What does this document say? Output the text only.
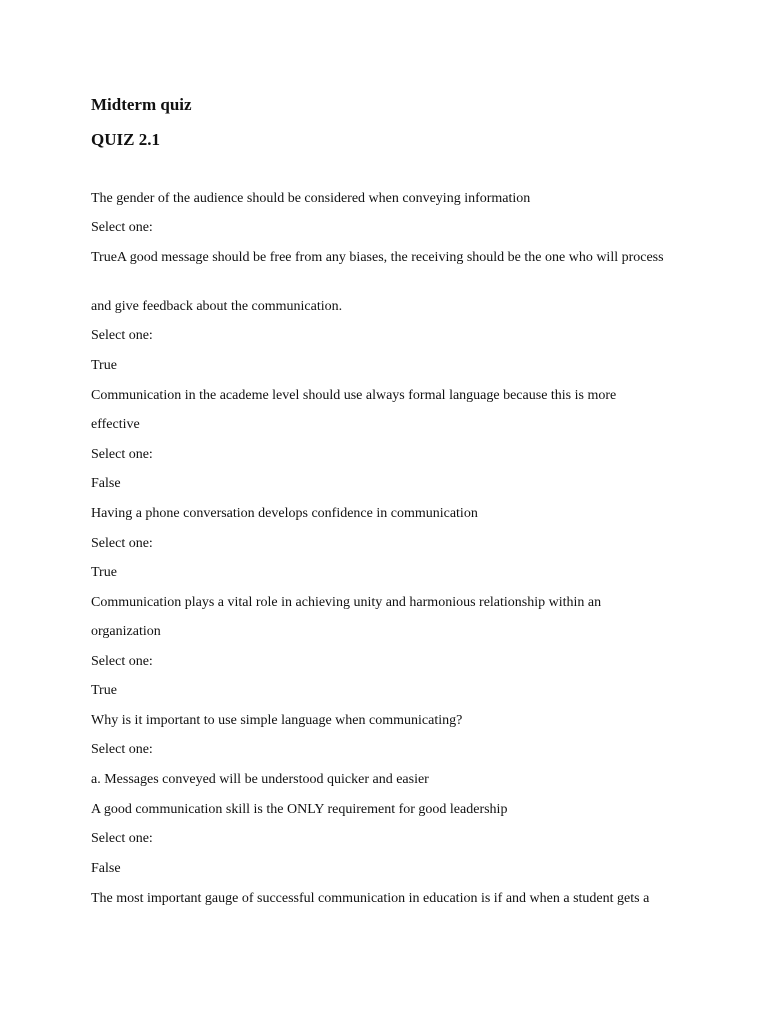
Midterm quiz
QUIZ 2.1
The gender of the audience should be considered when conveying information
Select one:
TrueA good message should be free from any biases, the receiving should be the one who will process
and give feedback about the communication.
Select one:
True
Communication in the academe level should use always formal language because this is more
effective
Select one:
False
Having a phone conversation develops confidence in communication
Select one:
True
Communication plays a vital role in achieving unity and harmonious relationship within an
organization
Select one:
True
Why is it important to use simple language when communicating?
Select one:
a. Messages conveyed will be understood quicker and easier
A good communication skill is the ONLY requirement for good leadership
Select one:
False
The most important gauge of successful communication in education is if and when a student gets a
